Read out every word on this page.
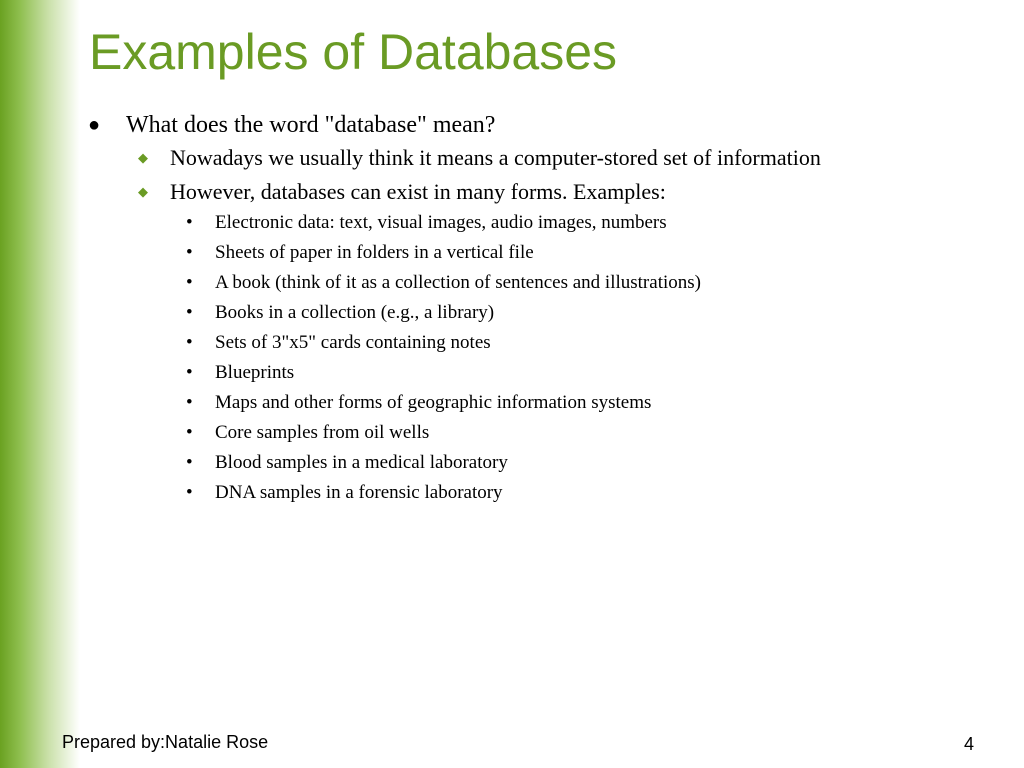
Examples of Databases
● What does the word "database" mean?
◆ Nowadays we usually think it means a computer-stored set of information
◆ However, databases can exist in many forms. Examples:
• Electronic data: text, visual images, audio images, numbers
• Sheets of paper in folders in a vertical file
• A book (think of it as a collection of sentences and illustrations)
• Books in a collection (e.g., a library)
• Sets of 3"x5" cards containing notes
• Blueprints
• Maps and other forms of geographic information systems
• Core samples from oil wells
• Blood samples in a medical laboratory
• DNA samples in a forensic laboratory
Prepared by:Natalie Rose	4
